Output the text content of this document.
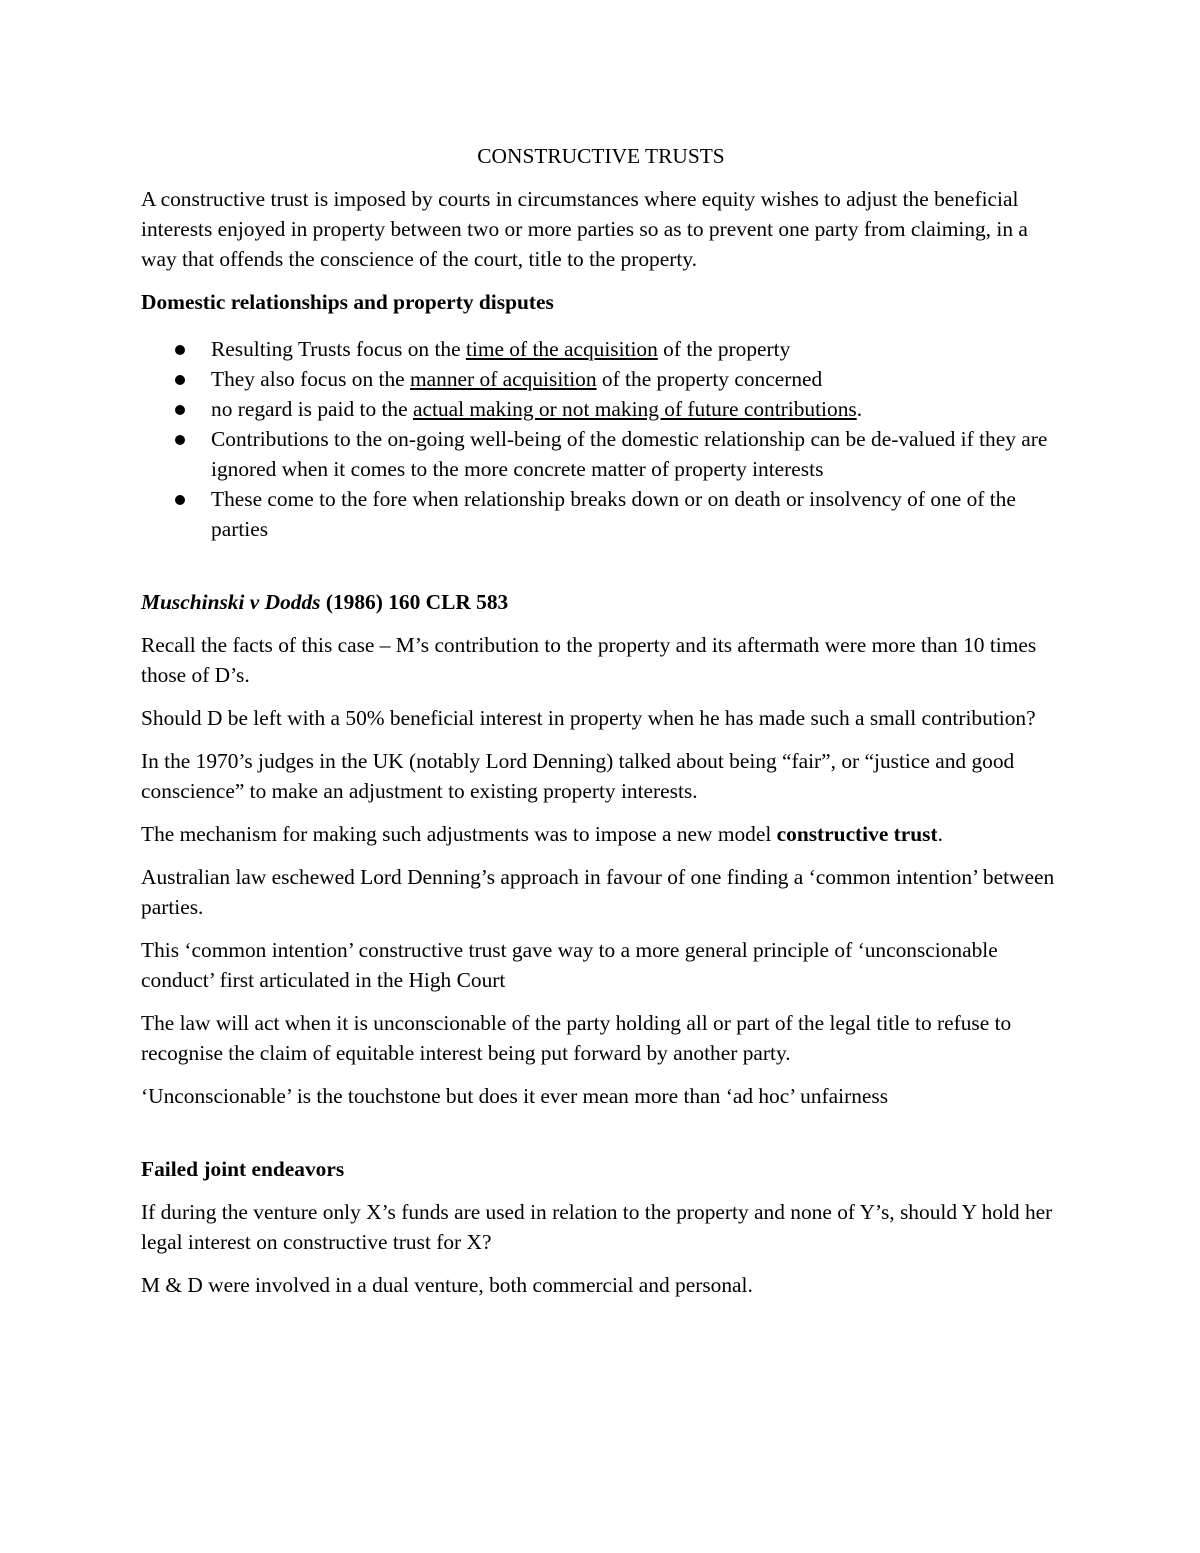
CONSTRUCTIVE TRUSTS

A constructive trust is imposed by courts in circumstances where equity wishes to adjust the beneficial interests enjoyed in property between two or more parties so as to prevent one party from claiming, in a way that offends the conscience of the court, title to the property.

Domestic relationships and property disputes
Resulting Trusts focus on the time of the acquisition of the property
They also focus on the manner of acquisition of the property concerned
no regard is paid to the actual making or not making of future contributions.
Contributions to the on-going well-being of the domestic relationship can be de-valued if they are ignored when it comes to the more concrete matter of property interests
These come to the fore when relationship breaks down or on death or insolvency of one of the parties

Muschinski v Dodds (1986) 160 CLR 583

Recall the facts of this case – M’s contribution to the property and its aftermath were more than 10 times those of D’s.

Should D be left with a 50% beneficial interest in property when he has made such a small contribution?

In the 1970’s judges in the UK (notably Lord Denning) talked about being “fair”, or “justice and good conscience” to make an adjustment to existing property interests.

The mechanism for making such adjustments was to impose a new model constructive trust.

Australian law eschewed Lord Denning’s approach in favour of one finding a ‘common intention’ between parties.

This ‘common intention’ constructive trust gave way to a more general principle of ‘unconscionable conduct’ first articulated in the High Court

The law will act when it is unconscionable of the party holding all or part of the legal title to refuse to recognise the claim of equitable interest being put forward by another party.

‘Unconscionable’ is the touchstone but does it ever mean more than ‘ad hoc’ unfairness

Failed joint endeavors

If during the venture only X’s funds are used in relation to the property and none of Y’s, should Y hold her legal interest on constructive trust for X?

M & D were involved in a dual venture, both commercial and personal.
